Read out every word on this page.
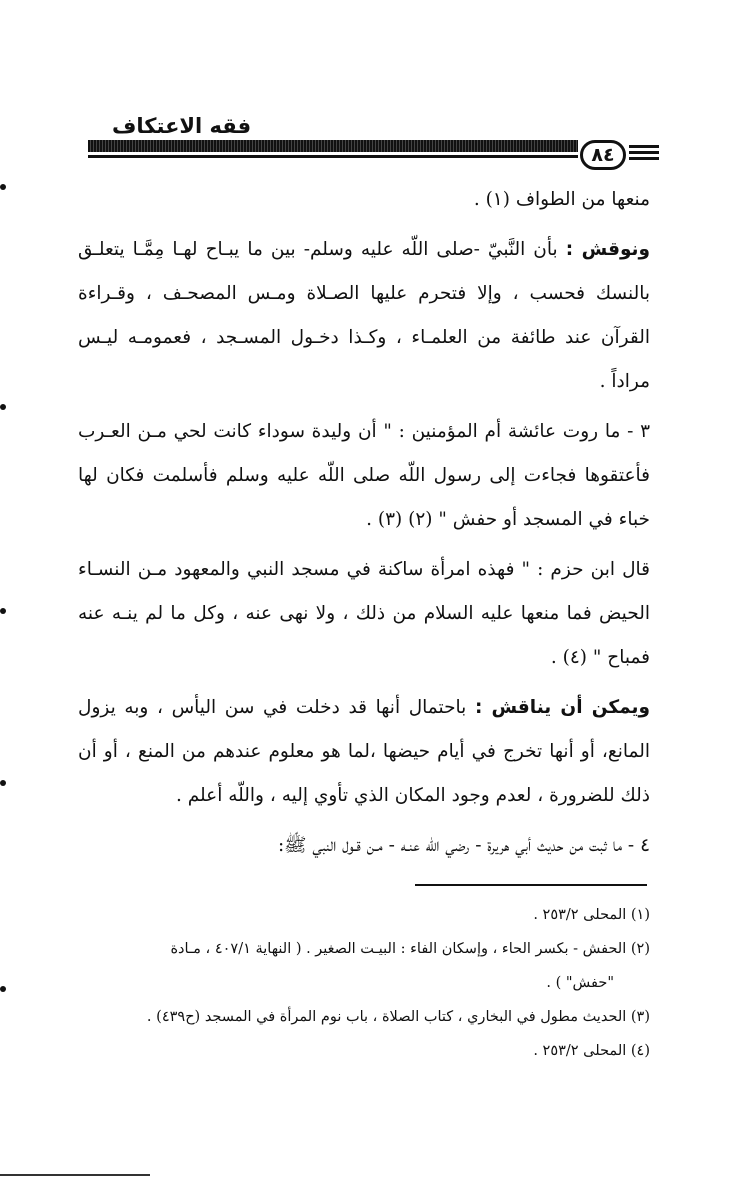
فقه الاعتكاف
٨٤

منعها من الطواف (١) .

ونوقش : بأن النَّبيّ -صلى اللّه عليه وسلم- بين ما يبـاح لهـا مِمَّـا يتعلـق بالنسك فحسب ، وإلا فتحرم عليها الصـلاة ومـس المصحـف ، وقـراءة القرآن عند طائفة من العلمـاء ، وكـذا دخـول المسـجد ، فعمومـه ليـس مراداً .

٣ - ما روت عائشة أم المؤمنين : " أن وليدة سوداء كانت لحي مـن العـرب فأعتقوها فجاءت إلى رسول اللّه صلى اللّه عليه وسلم فأسلمت فكان لها خباء في المسجد أو حفش " (٢) (٣) .

قال ابن حزم : " فهذه امرأة ساكنة في مسجد النبي والمعهود مـن النسـاء الحيض فما منعها عليه السلام من ذلك ، ولا نهى عنه ، وكل ما لم ينـه عنه فمباح " (٤) .

ويمكن أن يناقش : باحتمال أنها قد دخلت في سن اليأس ، وبه يزول المانع، أو أنها تخرج في أيام حيضها ،لما هو معلوم عندهم من المنع ، أو أن ذلك للضرورة ، لعدم وجود المكان الذي تأوي إليه ، واللّه أعلم .

٤ - ما ثبت من حديث أبي هريرة - رضي اللّه عنـه - مـن قـول النبي ﷺ:

(١) المحلى ٢٥٣/٢ .

(٢) الحفش - بكسر الحاء ، وإسكان الفاء : البيـت الصغير . ( النهاية ٤٠٧/١ ، مـادة

"حفش" ) .

(٣) الحديث مطول في البخاري ، كتاب الصلاة ، باب نوم المرأة في المسجد (ح٤٣٩) .

(٤) المحلى ٢٥٣/٢ .
